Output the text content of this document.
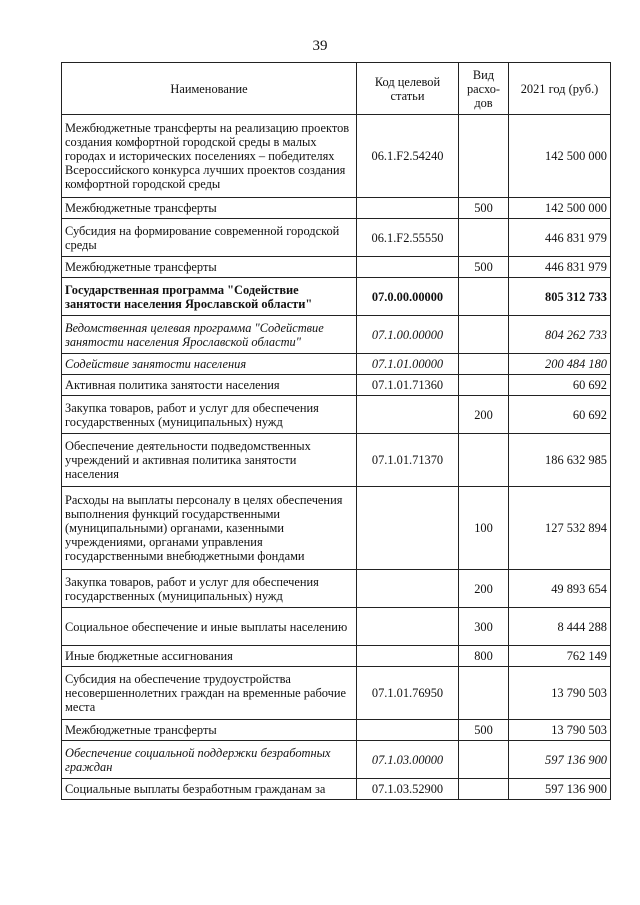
39
Наименование	Код целевой статьи	Вид расхо-дов	2021 год (руб.)
Межбюджетные трансферты на реализацию проектов создания комфортной городской среды в малых городах и исторических поселениях – победителях Всероссийского конкурса лучших проектов создания комфортной городской среды	06.1.F2.54240		142 500 000
Межбюджетные трансферты		500	142 500 000
Субсидия на формирование современной городской среды	06.1.F2.55550		446 831 979
Межбюджетные трансферты		500	446 831 979
Государственная программа "Содействие занятости населения Ярославской области"	07.0.00.00000		805 312 733
Ведомственная целевая программа "Содействие занятости населения Ярославской области"	07.1.00.00000		804 262 733
Содействие занятости населения	07.1.01.00000		200 484 180
Активная политика занятости населения	07.1.01.71360		60 692
Закупка товаров, работ и услуг для обеспечения государственных (муниципальных) нужд		200	60 692
Обеспечение деятельности подведомственных учреждений и активная политика занятости населения	07.1.01.71370		186 632 985
Расходы на выплаты персоналу в целях обеспечения выполнения функций государственными (муниципальными) органами, казенными учреждениями, органами управления государственными внебюджетными фондами		100	127 532 894
Закупка товаров, работ и услуг для обеспечения государственных (муниципальных) нужд		200	49 893 654
Социальное обеспечение и иные выплаты населению		300	8 444 288
Иные бюджетные ассигнования		800	762 149
Субсидия на обеспечение трудоустройства несовершеннолетних граждан на временные рабочие места	07.1.01.76950		13 790 503
Межбюджетные трансферты		500	13 790 503
Обеспечение социальной поддержки безработных граждан	07.1.03.00000		597 136 900
Социальные выплаты безработным гражданам за	07.1.03.52900		597 136 900
